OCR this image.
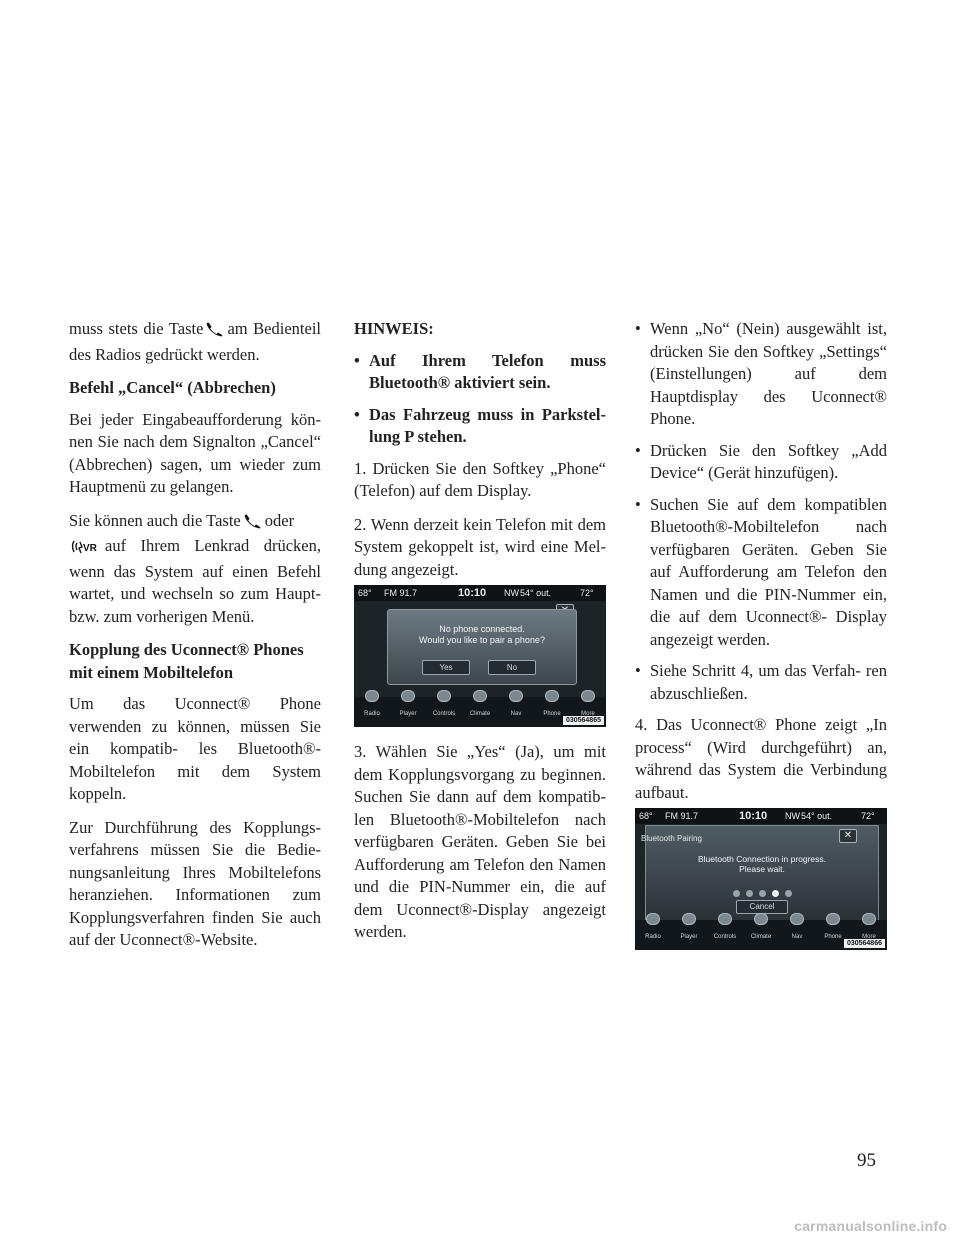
muss stets die Taste am Bedienteil des Radios gedrückt werden.

Befehl „Cancel“ (Abbrechen)

Bei jeder Eingabeaufforderung kön- nen Sie nach dem Signalton „Cancel“ (Abbrechen) sagen, um wieder zum Hauptmenü zu gelangen.

Sie können auch die Taste oder

VR auf Ihrem Lenkrad drücken, wenn das System auf einen Befehl wartet, und wechseln so zum Haupt- bzw. zum vorherigen Menü.

Kopplung des Uconnect® Phones mit einem Mobiltelefon

Um das Uconnect® Phone verwenden zu können, müssen Sie ein kompatib- les Bluetooth®-Mobiltelefon mit dem System koppeln.

Zur Durchführung des Kopplungs- verfahrens müssen Sie die Bedie- nungsanleitung Ihres Mobiltelefons heranziehen. Informationen zum Kopplungsverfahren finden Sie auch auf der Uconnect®-Website.

HINWEIS:

• Auf Ihrem Telefon muss Bluetooth® aktiviert sein.
• Das Fahrzeug muss in Parkstel- lung P stehen.

1. Drücken Sie den Softkey „Phone“ (Telefon) auf dem Display.

2. Wenn derzeit kein Telefon mit dem System gekoppelt ist, wird eine Mel- dung angezeigt.

68° FM 91.7	10:10 NW 54° out.	72°
No phone connected.
Would you like to pair a phone?
Yes	No
Radio	Player	Controls	Climate	Nav	Phone	More
030564865

3. Wählen Sie „Yes“ (Ja), um mit dem Kopplungsvorgang zu beginnen. Suchen Sie dann auf dem kompatib- len Bluetooth®-Mobiltelefon nach verfügbaren Geräten. Geben Sie bei Aufforderung am Telefon den Namen und die PIN-Nummer ein, die auf dem Uconnect®-Display angezeigt werden.

• Wenn „No“ (Nein) ausgewählt ist, drücken Sie den Softkey „Settings“ (Einstellungen) auf dem Hauptdisplay des Uconnect® Phone.
• Drücken Sie den Softkey „Add Device“ (Gerät hinzufügen).
• Suchen Sie auf dem kompatiblen Bluetooth®-Mobiltelefon nach verfügbaren Geräten. Geben Sie auf Aufforderung am Telefon den Namen und die PIN-Nummer ein, die auf dem Uconnect®- Display angezeigt werden.
• Siehe Schritt 4, um das Verfah- ren abzuschließen.

4. Das Uconnect® Phone zeigt „In process“ (Wird durchgeführt) an, während das System die Verbindung aufbaut.

68° FM 91.7	10:10 NW 54° out.	72°
Bluetooth Connection in progress.
Please wait.
Cancel
Bluetooth Pairing	✕
Radio	Player	Controls	Climate	Nav	Phone	More
030564866
95
carmanualsonline.info
